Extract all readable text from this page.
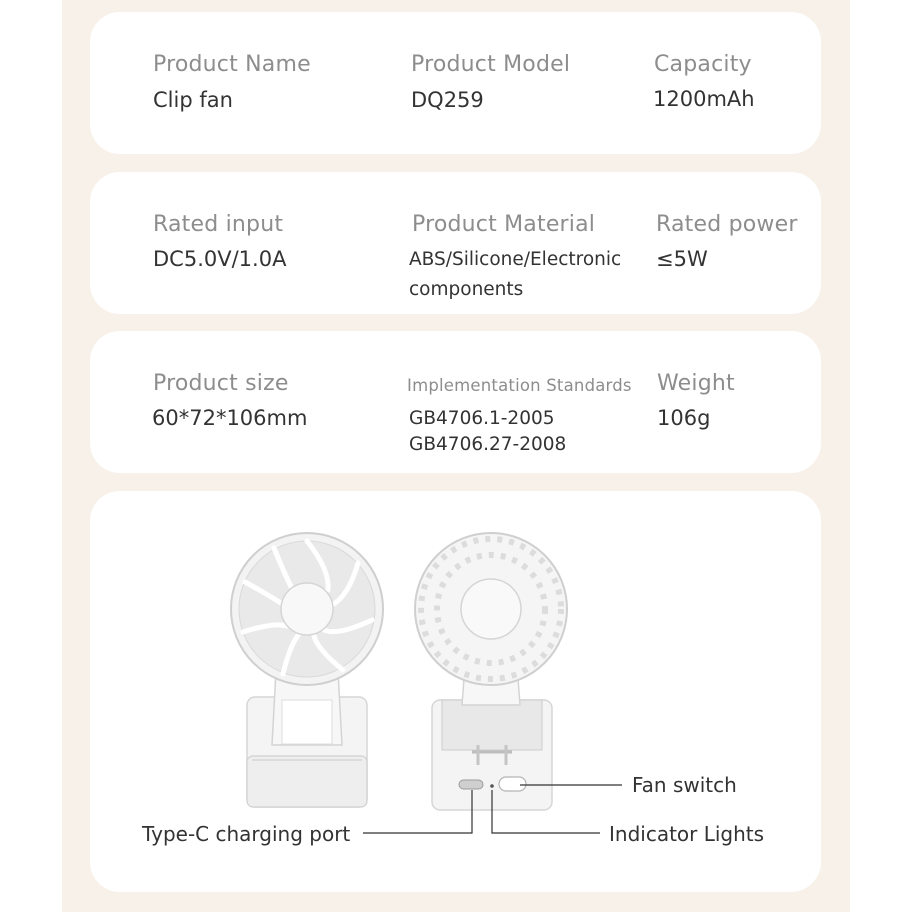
Product Name
Clip fan
Product Model
DQ259
Capacity
1200mAh
Rated input
DC5.0V/1.0A
Product Material
ABS/Silicone/Electronic
components
Rated power
≤5W
Product size
60*72*106mm
Implementation Standards
GB4706.1-2005
GB4706.27-2008
Weight
106g
Fan switch
Type-C charging port	Indicator Lights
